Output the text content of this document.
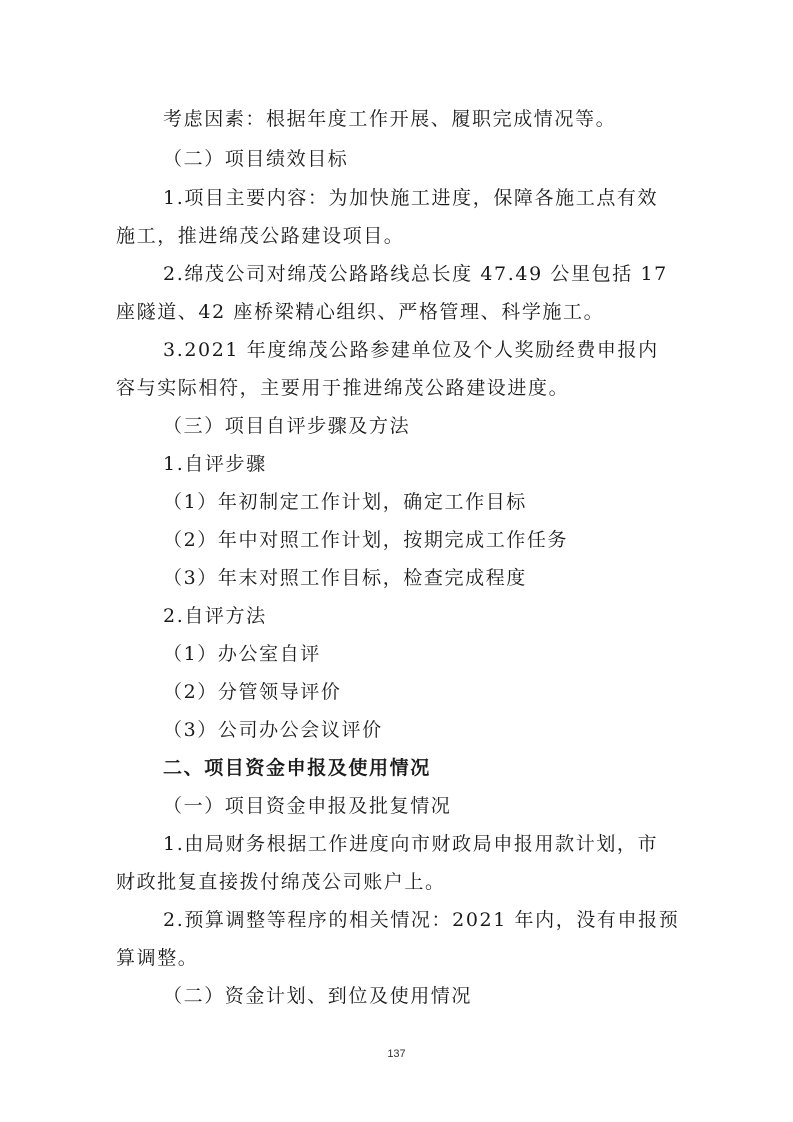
考虑因素：根据年度工作开展、履职完成情况等。
（二）项目绩效目标
1.项目主要内容：为加快施工进度，保障各施工点有效
施工，推进绵茂公路建设项目。
2.绵茂公司对绵茂公路路线总长度 47.49 公里包括 17
座隧道、42 座桥梁精心组织、严格管理、科学施工。
3.2021 年度绵茂公路参建单位及个人奖励经费申报内
容与实际相符，主要用于推进绵茂公路建设进度。
（三）项目自评步骤及方法
1.自评步骤
（1）年初制定工作计划，确定工作目标
（2）年中对照工作计划，按期完成工作任务
（3）年末对照工作目标，检查完成程度
2.自评方法
（1）办公室自评
（2）分管领导评价
（3）公司办公会议评价
二、项目资金申报及使用情况
（一）项目资金申报及批复情况
1.由局财务根据工作进度向市财政局申报用款计划，市
财政批复直接拨付绵茂公司账户上。
2.预算调整等程序的相关情况：2021 年内，没有申报预
算调整。
（二）资金计划、到位及使用情况
137
